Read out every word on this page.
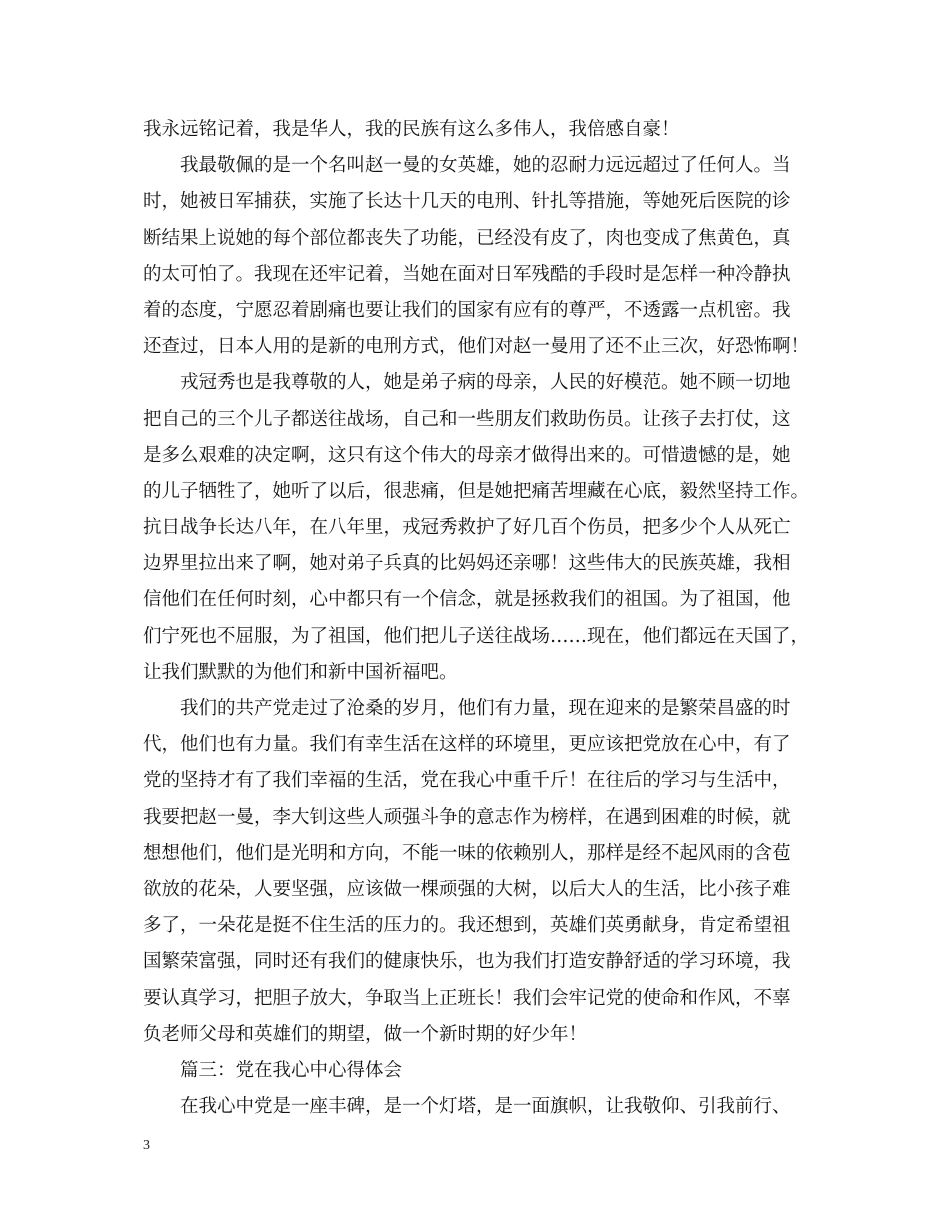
我永远铭记着，我是华人，我的民族有这么多伟人，我倍感自豪！
我最敬佩的是一个名叫赵一曼的女英雄，她的忍耐力远远超过了任何人。当
时，她被日军捕获，实施了长达十几天的电刑、针扎等措施，等她死后医院的诊
断结果上说她的每个部位都丧失了功能，已经没有皮了，肉也变成了焦黄色，真
的太可怕了。我现在还牢记着，当她在面对日军残酷的手段时是怎样一种冷静执
着的态度，宁愿忍着剧痛也要让我们的国家有应有的尊严，不透露一点机密。我
还查过，日本人用的是新的电刑方式，他们对赵一曼用了还不止三次，好恐怖啊！
戎冠秀也是我尊敬的人，她是弟子病的母亲，人民的好模范。她不顾一切地
把自己的三个儿子都送往战场，自己和一些朋友们救助伤员。让孩子去打仗，这
是多么艰难的决定啊，这只有这个伟大的母亲才做得出来的。可惜遗憾的是，她
的儿子牺牲了，她听了以后，很悲痛，但是她把痛苦埋藏在心底，毅然坚持工作。
抗日战争长达八年，在八年里，戎冠秀救护了好几百个伤员，把多少个人从死亡
边界里拉出来了啊，她对弟子兵真的比妈妈还亲哪！这些伟大的民族英雄，我相
信他们在任何时刻，心中都只有一个信念，就是拯救我们的祖国。为了祖国，他
们宁死也不屈服，为了祖国，他们把儿子送往战场……现在，他们都远在天国了，
让我们默默的为他们和新中国祈福吧。
我们的共产党走过了沧桑的岁月，他们有力量，现在迎来的是繁荣昌盛的时
代，他们也有力量。我们有幸生活在这样的环境里，更应该把党放在心中，有了
党的坚持才有了我们幸福的生活，党在我心中重千斤！在往后的学习与生活中，
我要把赵一曼，李大钊这些人顽强斗争的意志作为榜样，在遇到困难的时候，就
想想他们，他们是光明和方向，不能一味的依赖别人，那样是经不起风雨的含苞
欲放的花朵，人要坚强，应该做一棵顽强的大树，以后大人的生活，比小孩子难
多了，一朵花是挺不住生活的压力的。我还想到，英雄们英勇献身，肯定希望祖
国繁荣富强，同时还有我们的健康快乐，也为我们打造安静舒适的学习环境，我
要认真学习，把胆子放大，争取当上正班长！我们会牢记党的使命和作风，不辜
负老师父母和英雄们的期望，做一个新时期的好少年！
篇三：党在我心中心得体会
在我心中党是一座丰碑，是一个灯塔，是一面旗帜，让我敬仰、引我前行、
3
